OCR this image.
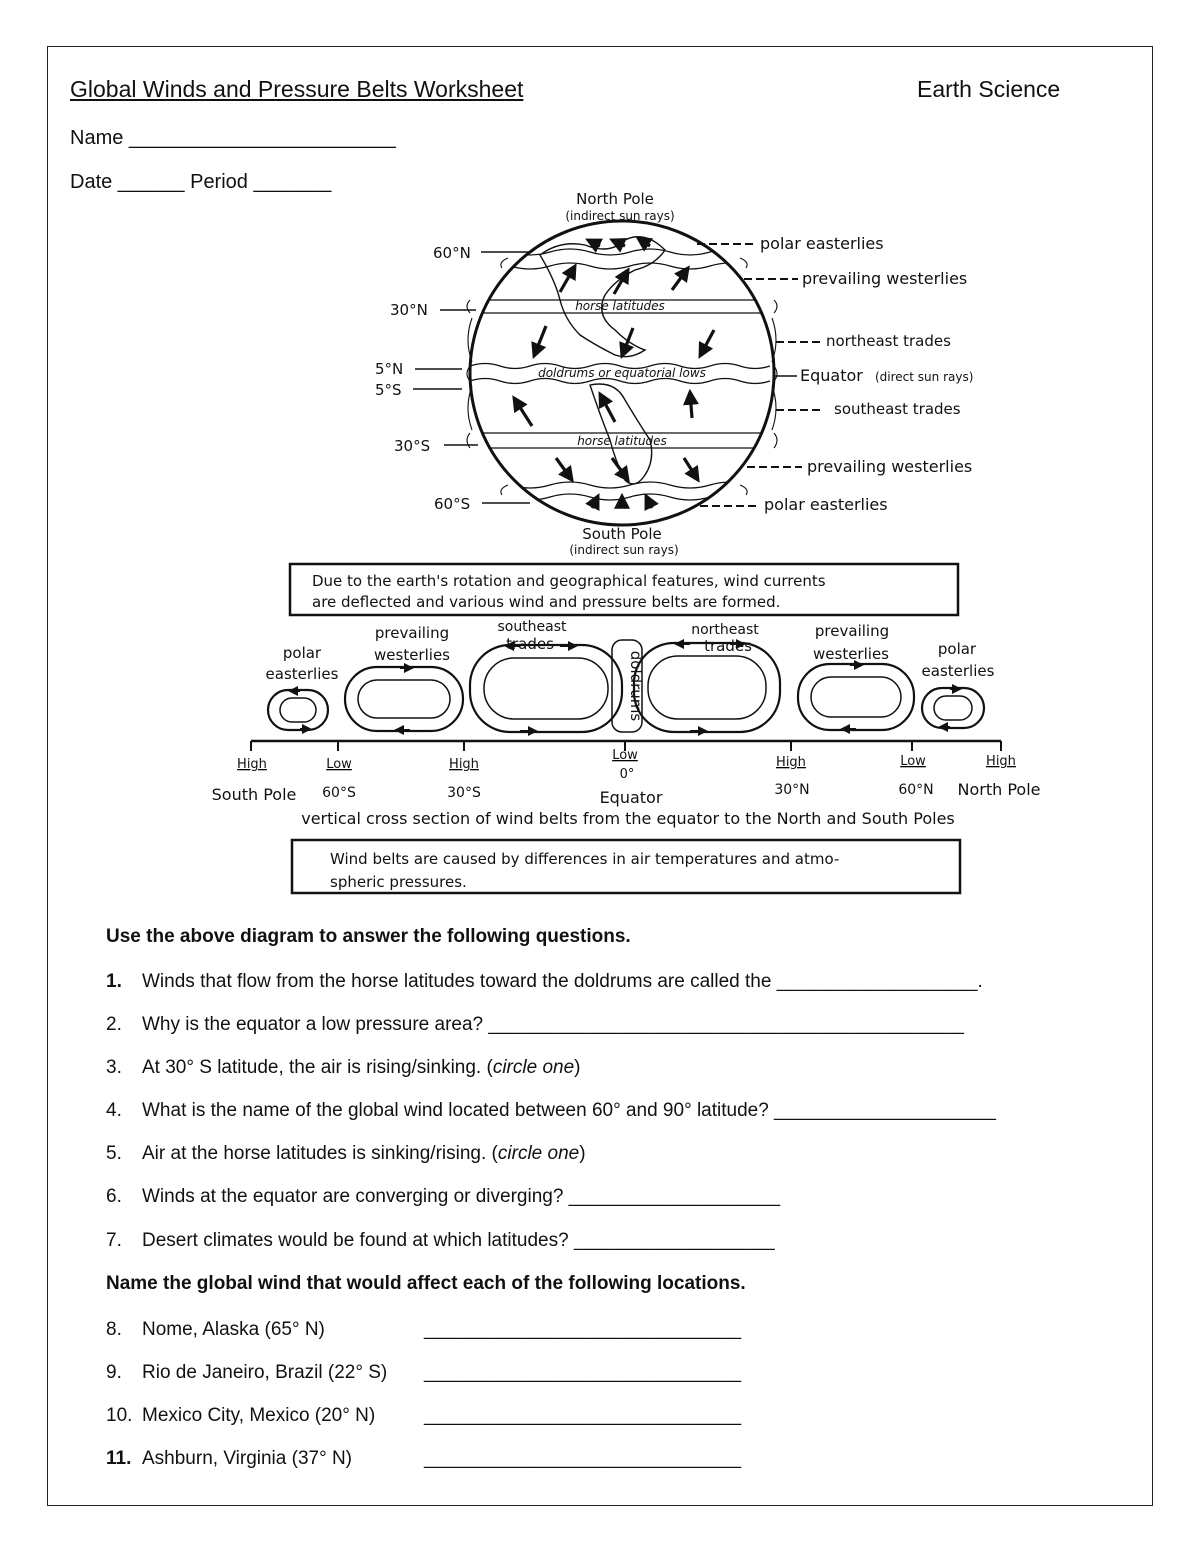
Global Winds and Pressure Belts Worksheet	Earth Science
Name ________________________
Date ______ Period _______
North Pole
(indirect sun rays)
South Pole
(indirect sun rays)
horse latitudes
doldrums or equatorial lows
horse latitudes
60°N
30°N
5°N
5°S
30°S
60°S
polar easterlies
prevailing westerlies
northeast trades
Equator (direct sun rays)
southeast trades
prevailing westerlies
polar easterlies
Due to the earth's rotation and geographical features, wind currents
are deflected and various wind and pressure belts are formed.
polar
easterlies
prevailing
westerlies
southeast
trades
doldrums
northeast
trades
prevailing
westerlies	polar
easterlies
High	Low	High
Low	High	Low	High
South Pole 60°S	30°S
0°
Equator	30°N	60°N North Pole
vertical cross section of wind belts from the equator to the North and South Poles
Wind belts are caused by differences in air temperatures and atmo-
spheric pressures.
Use the above diagram to answer the following questions.
1. Winds that flow from the horse latitudes toward the doldrums are called the ___________________.
2. Why is the equator a low pressure area? _____________________________________________
3. At 30° S latitude, the air is rising/sinking. (circle one)
4. What is the name of the global wind located between 60° and 90° latitude? _____________________
5. Air at the horse latitudes is sinking/rising. (circle one)
6. Winds at the equator are converging or diverging? ____________________
7. Desert climates would be found at which latitudes? ___________________
Name the global wind that would affect each of the following locations.
8. Nome, Alaska (65° N)	______________________________
9. Rio de Janeiro, Brazil (22° S) ______________________________
10. Mexico City, Mexico (20° N)	______________________________
11. Ashburn, Virginia (37° N)	______________________________
